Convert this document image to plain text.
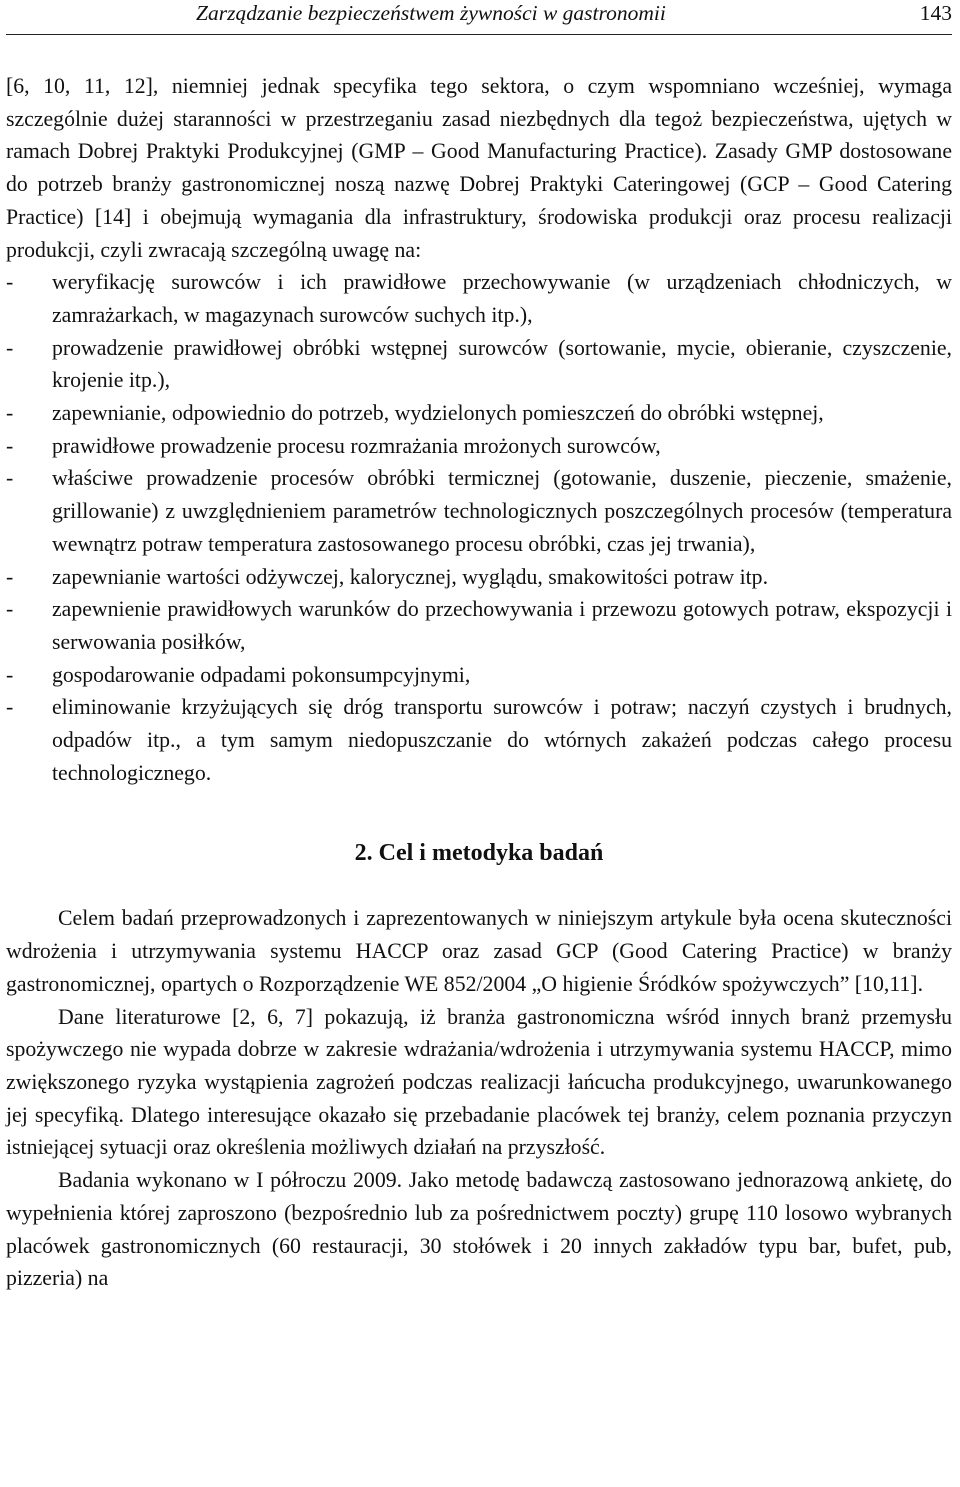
Zarządzanie bezpieczeństwem żywności w gastronomii	143

[6, 10, 11, 12], niemniej jednak specyfika tego sektora, o czym wspomniano wcześniej, wymaga szczególnie dużej staranności w przestrzeganiu zasad niezbędnych dla tegoż bezpieczeństwa, ujętych w ramach Dobrej Praktyki Produkcyjnej (GMP – Good Manufacturing Practice). Zasady GMP dostosowane do potrzeb branży gastronomicznej noszą nazwę Dobrej Praktyki Cateringowej (GCP – Good Catering Practice) [14] i obejmują wymagania dla infrastruktury, środowiska produkcji oraz procesu realizacji produkcji, czyli zwracają szczególną uwagę na:

-	weryfikację surowców i ich prawidłowe przechowywanie (w urządzeniach chłodniczych, w zamrażarkach, w magazynach surowców suchych itp.),
-	prowadzenie prawidłowej obróbki wstępnej surowców (sortowanie, mycie, obieranie, czyszczenie, krojenie itp.),
-	zapewnianie, odpowiednio do potrzeb, wydzielonych pomieszczeń do obróbki wstępnej,
-	prawidłowe prowadzenie procesu rozmrażania mrożonych surowców,
-	właściwe prowadzenie procesów obróbki termicznej (gotowanie, duszenie, pieczenie, smażenie, grillowanie) z uwzględnieniem parametrów technologicznych poszczególnych procesów (temperatura wewnątrz potraw temperatura zastosowanego procesu obróbki, czas jej trwania),
-	zapewnianie wartości odżywczej, kalorycznej, wyglądu, smakowitości potraw itp.
-	zapewnienie prawidłowych warunków do przechowywania i przewozu gotowych potraw, ekspozycji i serwowania posiłków,
-	gospodarowanie odpadami pokonsumpcyjnymi,
-	eliminowanie krzyżujących się dróg transportu surowców i potraw; naczyń czystych i brudnych, odpadów itp., a tym samym niedopuszczanie do wtórnych zakażeń podczas całego procesu technologicznego.
2. Cel i metodyka badań

Celem badań przeprowadzonych i zaprezentowanych w niniejszym artykule była ocena skuteczności wdrożenia i utrzymywania systemu HACCP oraz zasad GCP (Good Catering Practice) w branży gastronomicznej, opartych o Rozporządzenie WE 852/2004 „O higienie Śródków spożywczych” [10,11].

Dane literaturowe [2, 6, 7] pokazują, iż branża gastronomiczna wśród innych branż przemysłu spożywczego nie wypada dobrze w zakresie wdrażania/wdrożenia i utrzymywania systemu HACCP, mimo zwiększonego ryzyka wystąpienia zagrożeń podczas realizacji łańcucha produkcyjnego, uwarunkowanego jej specyfiką. Dlatego interesujące okazało się przebadanie placówek tej branży, celem poznania przyczyn istniejącej sytuacji oraz określenia możliwych działań na przyszłość.

Badania wykonano w I półroczu 2009. Jako metodę badawczą zastosowano jednorazową ankietę, do wypełnienia której zaproszono (bezpośrednio lub za pośrednictwem poczty) grupę 110 losowo wybranych placówek gastronomicznych (60 restauracji, 30 stołówek i 20 innych zakładów typu bar, bufet, pub, pizzeria) na
